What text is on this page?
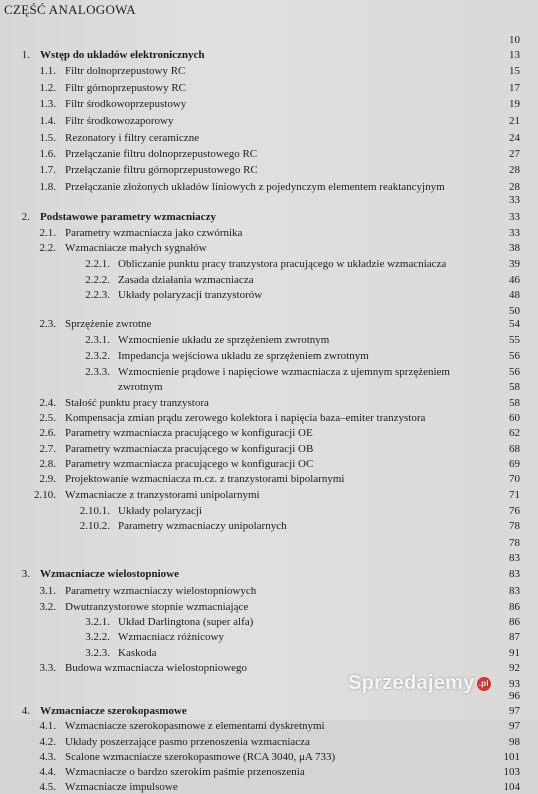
CZĘŚĆ ANALOGOWA
10
1. Wstęp do układów elektronicznych	13
1.1. Filtr dolnoprzepustowy RC	15
1.2. Filtr górnoprzepustowy RC	17
1.3. Filtr środkowoprzepustowy	19
1.4. Filtr środkowozaporowy	21
1.5. Rezonatory i filtry ceramiczne	24
1.6. Przełączanie filtru dolnoprzepustowego RC	27
1.7. Przełączanie filtru górnoprzepustowego RC	28
1.8. Przełączanie złożonych układów liniowych z pojedynczym elementem reaktancyjnym	28
33
2. Podstawowe parametry wzmacniaczy	33
2.1. Parametry wzmacniacza jako czwórnika	33
2.2. Wzmacniacze małych sygnałów	38
2.2.1. Obliczanie punktu pracy tranzystora pracującego w układzie wzmacniacza	39
2.2.2. Zasada działania wzmacniacza	46
2.2.3. Układy polaryzacji tranzystorów	48
50
2.3. Sprzężenie zwrotne	54
2.3.1. Wzmocnienie układu ze sprzężeniem zwrotnym	55
2.3.2. Impedancja wejściowa układu ze sprzężeniem zwrotnym	56
2.3.3. Wzmocnienie prądowe i napięciowe wzmacniacza z ujemnym sprzężeniem	56
zwrotnym	58
2.4. Stałość punktu pracy tranzystora	58
2.5. Kompensacja zmian prądu zerowego kolektora i napięcia baza–emiter tranzystora	60
2.6. Parametry wzmacniacza pracującego w konfiguracji OE	62
2.7. Parametry wzmacniacza pracującego w konfiguracji OB	68
2.8. Parametry wzmacniacza pracującego w konfiguracji OC	69
2.9. Projektowanie wzmacniacza m.cz. z tranzystorami bipolarnymi	70
2.10. Wzmacniacze z tranzystorami unipolarnymi	71
2.10.1. Układy polaryzacji	76
2.10.2. Parametry wzmacniaczy unipolarnych	78
78
83
3. Wzmacniacze wielostopniowe	83
3.1. Parametry wzmacniaczy wielostopniowych	83
3.2. Dwutranzystorowe stopnie wzmacniające	86
3.2.1. Układ Darlingtona (super alfa)	86
3.2.2. Wzmacniacz różnicowy	87
3.2.3. Kaskoda	91
3.3. Budowa wzmacniacza wielostopniowego	92
93
96
4. Wzmacniacze szerokopasmowe	97
4.1. Wzmacniacze szerokopasmowe z elementami dyskretnymi	97
4.2. Układy poszerzające pasmo przenoszenia wzmacniacza	98
4.3. Scalone wzmacniacze szerokopasmowe (RCA 3040, μA 733)	101
4.4. Wzmacniacze o bardzo szerokim paśmie przenoszenia	103
4.5. Wzmacniacze impulsowe	104
Sprzedajemy .pl
